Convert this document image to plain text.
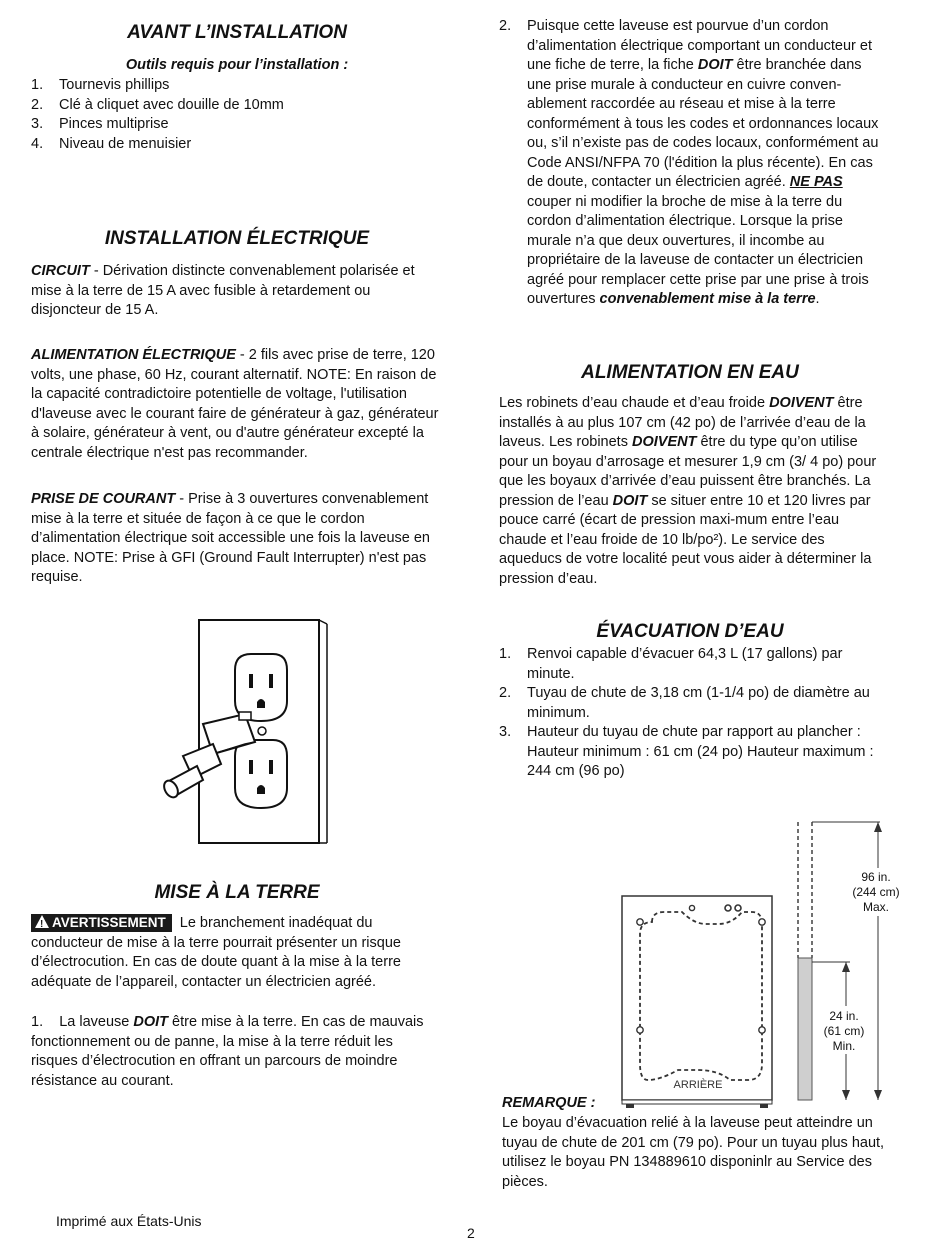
AVANT L’INSTALLATION
Outils requis pour l’installation :
1. Tournevis phillips
2. Clé à cliquet avec douille de 10mm
3. Pinces multiprise
4. Niveau de menuisier
INSTALLATION ÉLECTRIQUE

CIRCUIT - Dérivation distincte convenablement polarisée et mise à la terre de 15 A avec fusible à retardement ou disjoncteur de 15 A.

ALIMENTATION ÉLECTRIQUE - 2 fils avec prise de terre, 120 volts, une phase, 60 Hz, courant alternatif. NOTE: En raison de la capacité contradictoire potentielle de voltage, l'utilisation d'laveuse avec le courant faire de générateur à gaz, générateur à solaire, générateur à vent, ou d'autre générateur excepté la centrale électrique n'est pas recommander.

PRISE DE COURANT - Prise à 3 ouvertures convenablement mise à la terre et située de façon à ce que le cordon d’alimentation électrique soit accessible une fois la laveuse en place. NOTE: Prise à GFI (Ground Fault Interrupter) n'est pas requise.

MISE À LA TERRE

!AVERTISSEMENT Le branchement inadéquat du conducteur de mise à la terre pourrait présenter un risque d’électrocution. En cas de doute quant à la mise à la terre adéquate de l’appareil, contacter un électricien agréé.

1. La laveuse DOIT être mise à la terre. En cas de mauvais fonctionnement ou de panne, la mise à la terre réduit les risques d’électrocution en offrant un parcours de moindre résistance au courant.

Imprimé aux États-Unis
2
2. Puisque cette laveuse est pourvue d’un cordon d’alimentation électrique comportant un conducteur et une fiche de terre, la fiche DOIT être branchée dans une prise murale à conducteur en cuivre conven-ablement raccordée au réseau et mise à la terre conformément à tous les codes et ordonnances locaux ou, s’il n’existe pas de codes locaux, conformément au Code ANSI/NFPA 70 (l'édition la plus récente). En cas de doute, contacter un électricien agréé. NE PAS couper ni modifier la broche de mise à la terre du cordon d’alimentation électrique. Lorsque la prise murale n’a que deux ouvertures, il incombe au propriétaire de la laveuse de contacter un électricien agréé pour remplacer cette prise par une prise à trois ouvertures convenablement mise à la terre.
ALIMENTATION EN EAU

Les robinets d’eau chaude et d’eau froide DOIVENT être installés à au plus 107 cm (42 po) de l’arrivée d’eau de la laveus. Les robinets DOIVENT être du type qu’on utilise pour un boyau d’arrosage et mesurer 1,9 cm (3/ 4 po) pour que les boyaux d’arrivée d’eau puissent être branchés. La pression de l’eau DOIT se situer entre 10 et 120 livres par pouce carré (écart de pression maxi-mum entre l’eau chaude et l’eau froide de 10 lb/po²). Le service des aqueducs de votre localité peut vous aider à déterminer la pression d’eau.

ÉVACUATION D’EAU
1. Renvoi capable d’évacuer 64,3 L (17 gallons) par minute.
2. Tuyau de chute de 3,18 cm (1-1/4 po) de diamètre au minimum.
3. Hauteur du tuyau de chute par rapport au plancher : Hauteur minimum : 61 cm (24 po) Hauteur maximum : 244 cm (96 po)
ARRIÈRE
96 in.
(244 cm)
Max.
24 in.
(61 cm)
Min.
REMARQUE :

Le boyau d’évacuation relié à la laveuse peut atteindre un tuyau de chute de 201 cm (79 po). Pour un tuyau plus haut, utilisez le boyau PN 134889610 disponinlr au Service des pièces.
